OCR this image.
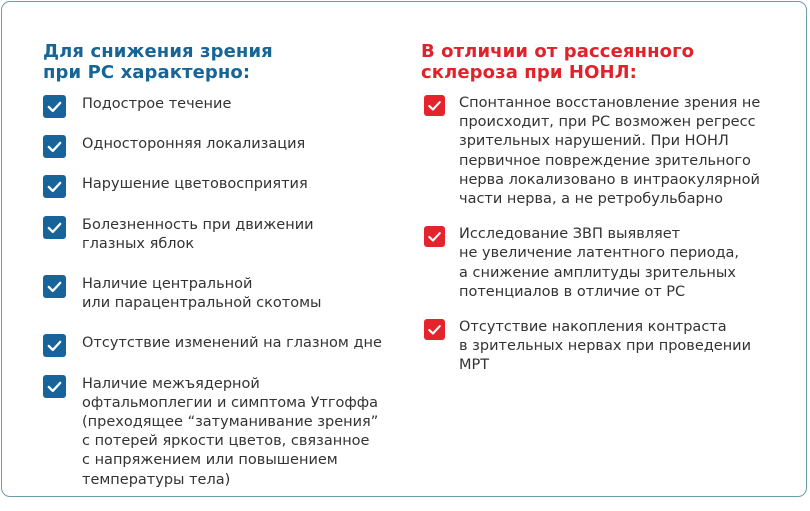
Для снижения зрения
при РС характерно:
Подострое течение
Односторонняя локализация
Нарушение цветовосприятия
Болезненность при движении
глазных яблок
Наличие центральной
или парацентральной скотомы
Отсутствие изменений на глазном дне
Наличие межъядерной
офтальмоплегии и симптома Утгоффа
(преходящее “затуманивание зрения”
с потерей яркости цветов, связанное
с напряжением или повышением
температуры тела)
В отличии от рассеянного
склероза при НОНЛ:
Спонтанное восстановление зрения не
происходит, при РС возможен регресс
зрительных нарушений. При НОНЛ
первичное повреждение зрительного
нерва локализовано в интраокулярной
части нерва, а не ретробульбарно
Исследование ЗВП выявляет
не увеличение латентного периода,
а снижение амплитуды зрительных
потенциалов в отличие от РС
Отсутствие накопления контраста
в зрительных нервах при проведении
МРТ
